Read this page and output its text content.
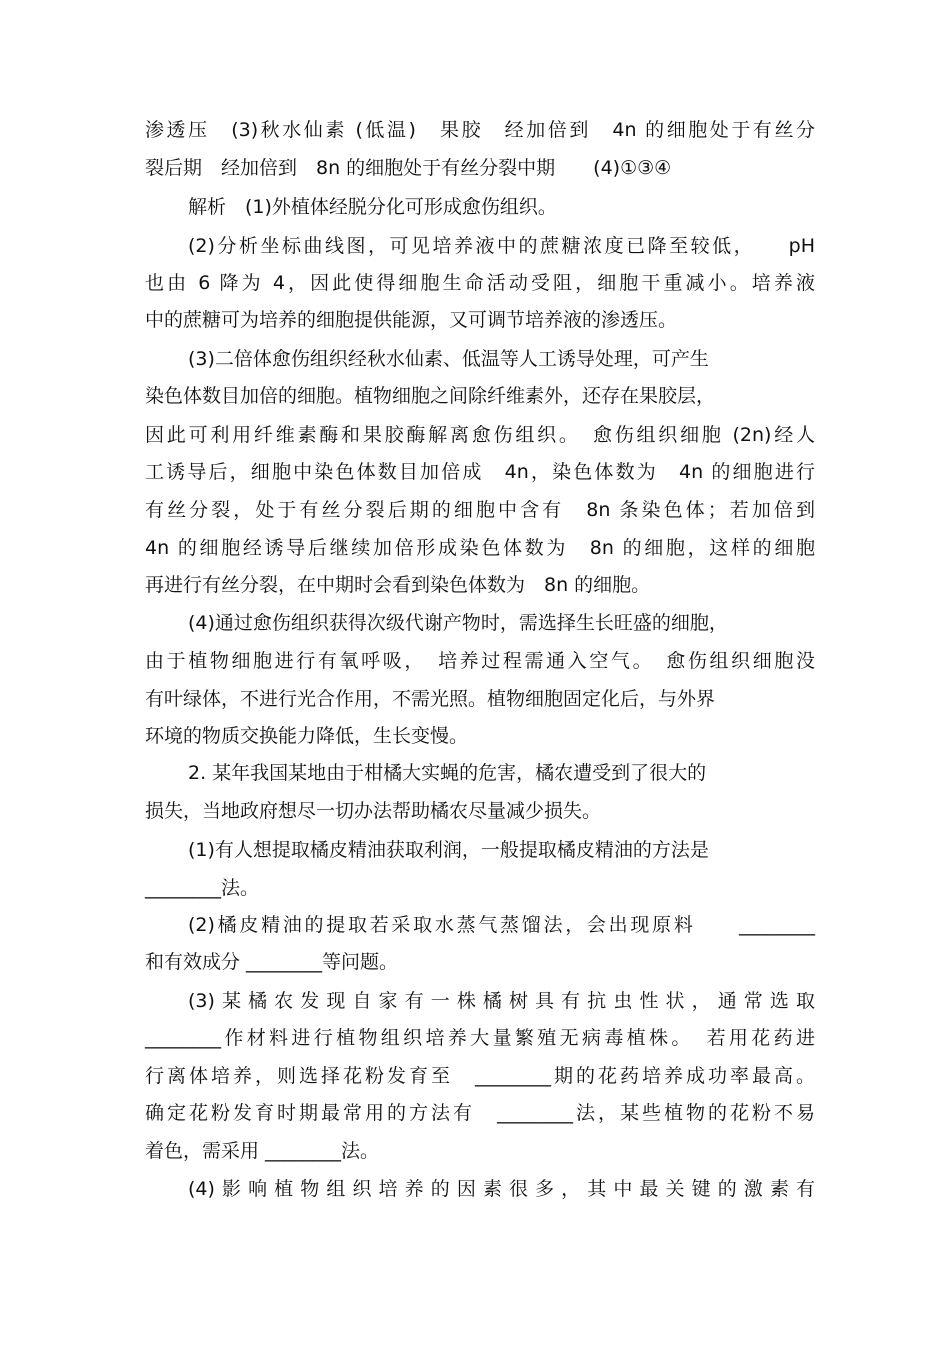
渗透压　(3)秋水仙素 (低温)　果胶　经加倍到　4n 的细胞处于有丝分
裂后期　经加倍到　8n 的细胞处于有丝分裂中期　　(4)①③④
解析　(1)外植体经脱分化可形成愈伤组织。
(2)分析坐标曲线图，可见培养液中的蔗糖浓度已降至较低，　　pH
也由 6 降为 4，因此使得细胞生命活动受阻，细胞干重减小。培养液
中的蔗糖可为培养的细胞提供能源，又可调节培养液的渗透压。
(3)二倍体愈伤组织经秋水仙素、低温等人工诱导处理，可产生
染色体数目加倍的细胞。植物细胞之间除纤维素外，还存在果胶层，
因此可利用纤维素酶和果胶酶解离愈伤组织。　愈伤组织细胞 (2n)经人
工诱导后，细胞中染色体数目加倍成　4n，染色体数为　4n 的细胞进行
有丝分裂，处于有丝分裂后期的细胞中含有　8n 条染色体；若加倍到
4n 的细胞经诱导后继续加倍形成染色体数为　8n 的细胞，这样的细胞
再进行有丝分裂，在中期时会看到染色体数为　8n 的细胞。
(4)通过愈伤组织获得次级代谢产物时，需选择生长旺盛的细胞，
由于植物细胞进行有氧呼吸，　培养过程需通入空气。　愈伤组织细胞没
有叶绿体，不进行光合作用，不需光照。植物细胞固定化后，与外界
环境的物质交换能力降低，生长变慢。
2. 某年我国某地由于柑橘大实蝇的危害，橘农遭受到了很大的
损失，当地政府想尽一切办法帮助橘农尽量减少损失。
(1)有人想提取橘皮精油获取利润，一般提取橘皮精油的方法是
________法。
(2)橘皮精油的提取若采取水蒸气蒸馏法，会出现原料　　________
和有效成分 ________等问题。
(3)某橘农发现自家有一株橘树具有抗虫性状，通常选取
________作材料进行植物组织培养大量繁殖无病毒植株。　若用花药进
行离体培养，则选择花粉发育至　________期的花药培养成功率最高。
确定花粉发育时期最常用的方法有　________法，某些植物的花粉不易
着色，需采用 ________法。
(4)影响植物组织培养的因素很多，其中最关键的激素有
